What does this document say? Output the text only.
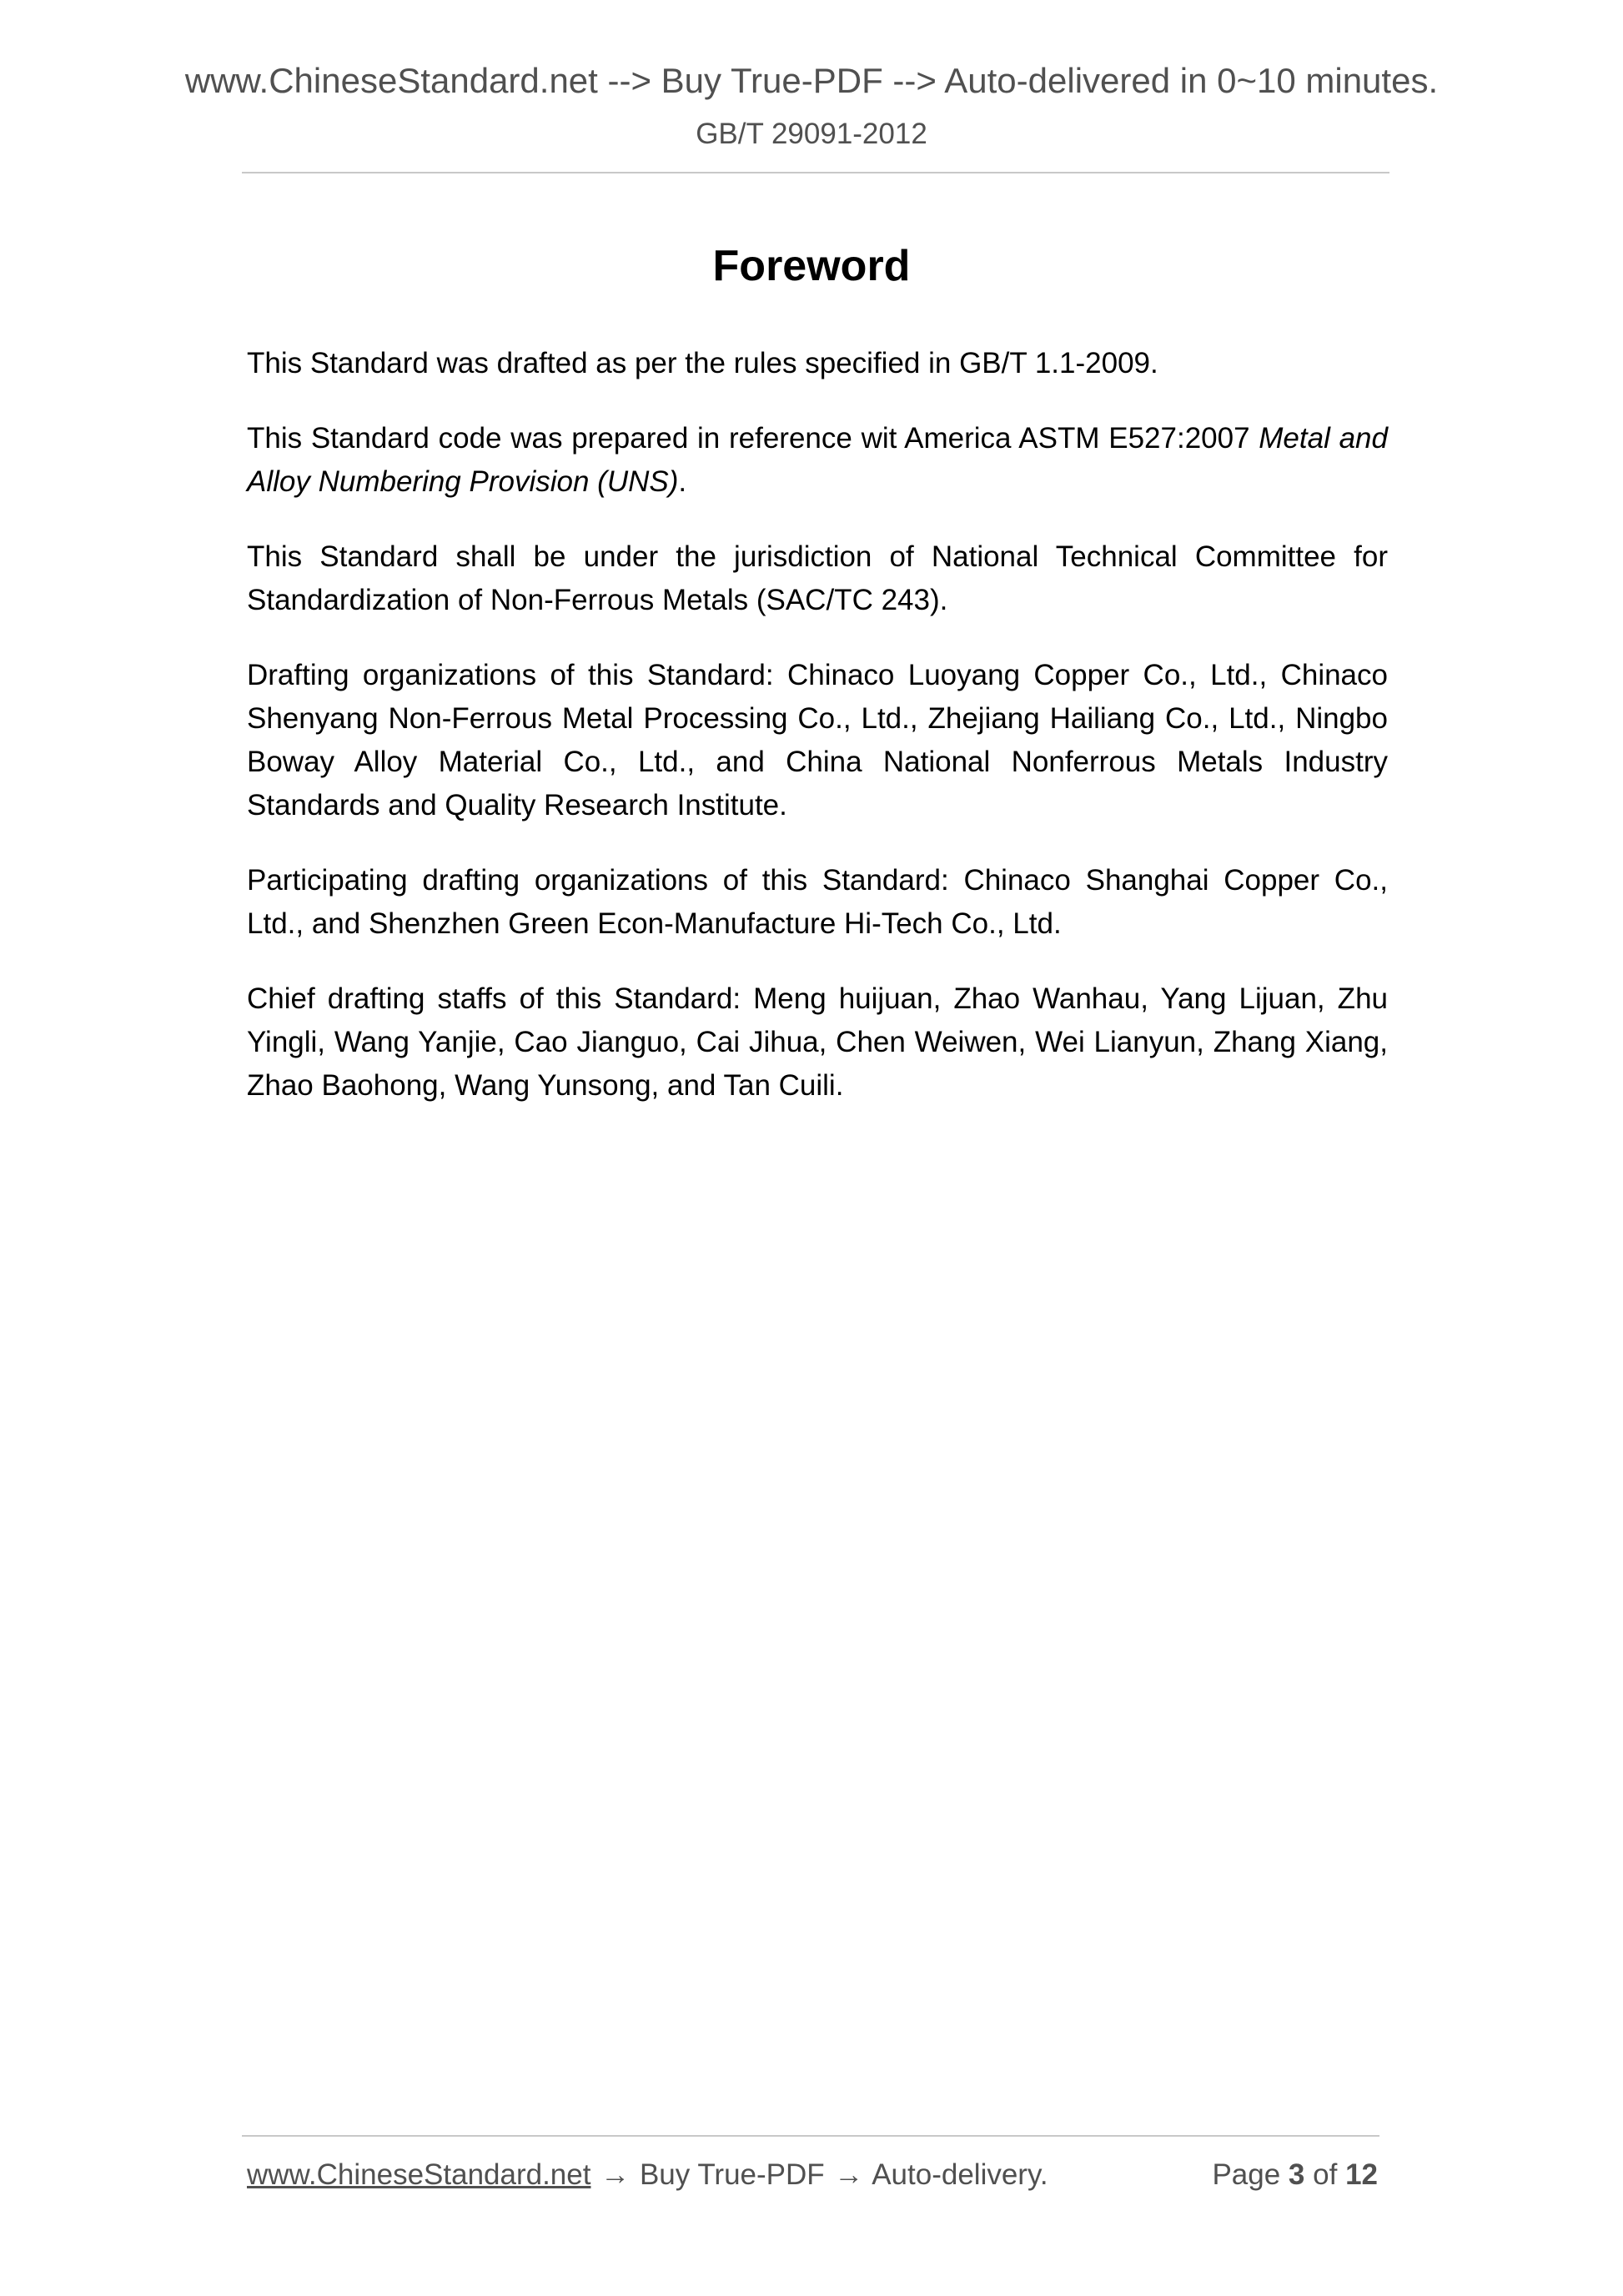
www.ChineseStandard.net --> Buy True-PDF --> Auto-delivered in 0~10 minutes.
GB/T 29091-2012
Foreword

This Standard was drafted as per the rules specified in GB/T 1.1-2009.

This Standard code was prepared in reference wit America ASTM E527:2007 Metal and Alloy Numbering Provision (UNS).

This Standard shall be under the jurisdiction of National Technical Committee for Standardization of Non-Ferrous Metals (SAC/TC 243).

Drafting organizations of this Standard: Chinaco Luoyang Copper Co., Ltd., Chinaco Shenyang Non-Ferrous Metal Processing Co., Ltd., Zhejiang Hailiang Co., Ltd., Ningbo Boway Alloy Material Co., Ltd., and China National Nonferrous Metals Industry Standards and Quality Research Institute.

Participating drafting organizations of this Standard: Chinaco Shanghai Copper Co., Ltd., and Shenzhen Green Econ-Manufacture Hi-Tech Co., Ltd.

Chief drafting staffs of this Standard: Meng huijuan, Zhao Wanhau, Yang Lijuan, Zhu Yingli, Wang Yanjie, Cao Jianguo, Cai Jihua, Chen Weiwen, Wei Lianyun, Zhang Xiang, Zhao Baohong, Wang Yunsong, and Tan Cuili.

www.ChineseStandard.net → Buy True-PDF → Auto-delivery.	Page 3 of 12
